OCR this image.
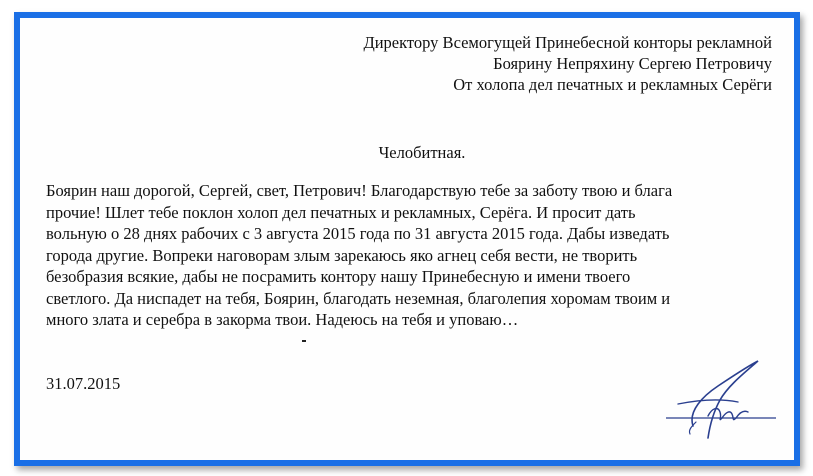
Директору Всемогущей Принебесной конторы рекламной
Боярину Непряхину Сергею Петровичу
От холопа дел печатных и рекламных Серёги
Челобитная.
Боярин наш дорогой, Сергей, свет, Петрович! Благодарствую тебе за заботу твою и блага
прочие! Шлет тебе поклон холоп дел печатных и рекламных, Серёга. И просит дать
вольную о 28 днях рабочих с 3 августа 2015 года по 31 августа 2015 года. Дабы изведать
города другие. Вопреки наговорам злым зарекаюсь яко агнец себя вести, не творить
безобразия всякие, дабы не посрамить контору нашу Принебесную и имени твоего
светлого. Да ниспадет на тебя, Боярин, благодать неземная, благолепия хоромам твоим и
много злата и серебра в закорма твои. Надеюсь на тебя и уповаю…
31.07.2015
